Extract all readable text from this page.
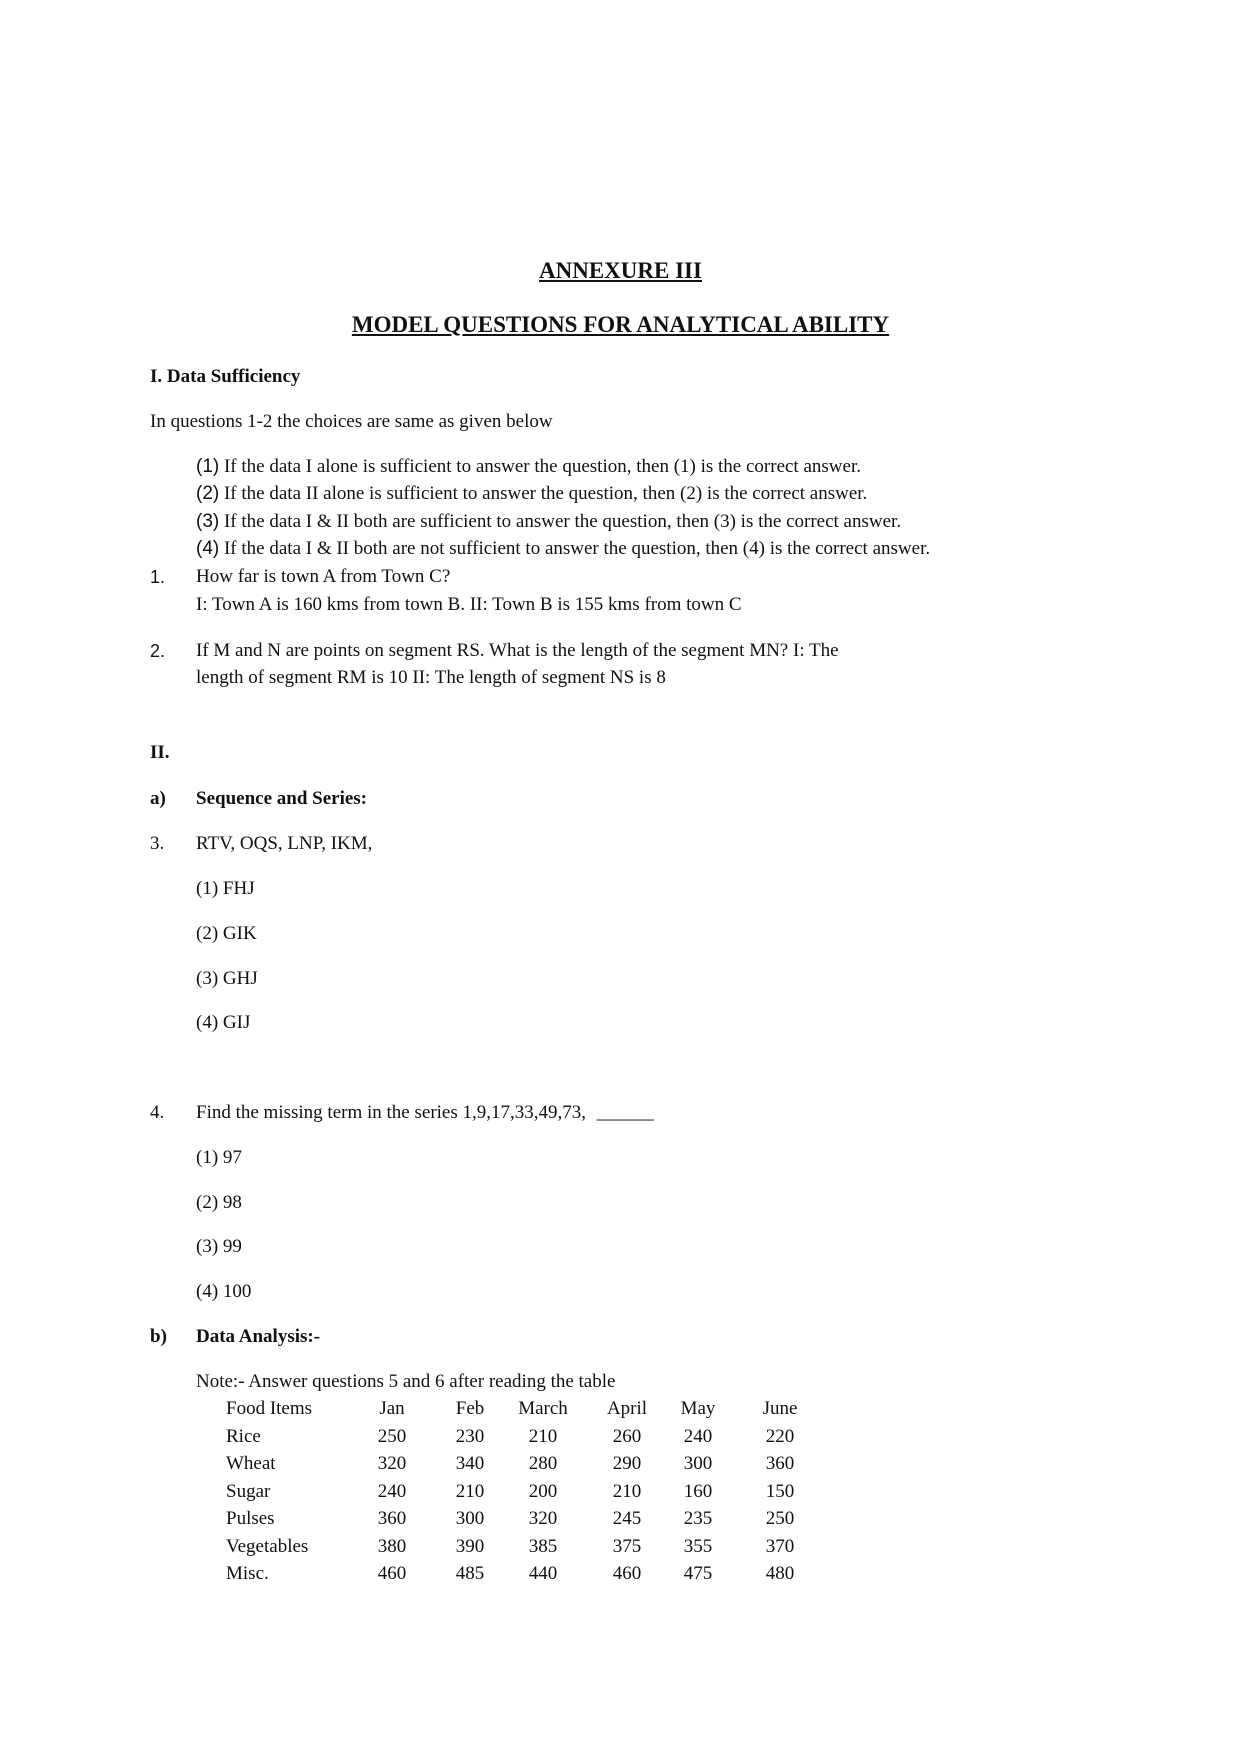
ANNEXURE III
MODEL QUESTIONS FOR ANALYTICAL ABILITY
I. Data Sufficiency
In questions 1-2 the choices are same as given below
(1) If the data I alone is sufficient to answer the question, then (1) is the correct answer.
(2) If the data II alone is sufficient to answer the question, then (2) is the correct answer.
(3) If the data I & II both are sufficient to answer the question, then (3) is the correct answer.
(4) If the data I & II both are not sufficient to answer the question, then (4) is the correct answer.
1. How far is town A from Town C?
I: Town A is 160 kms from town B. II: Town B is 155 kms from town C
2. If M and N are points on segment RS. What is the length of the segment MN? I: The
length of segment RM is 10 II: The length of segment NS is 8
II.
a) Sequence and Series:
3. RTV, OQS, LNP, IKM,
(1) FHJ
(2) GIK
(3) GHJ
(4) GIJ
4. Find the missing term in the series 1,9,17,33,49,73, ______
(1) 97
(2) 98
(3) 99
(4) 100
b) Data Analysis:-
Note:- Answer questions 5 and 6 after reading the table
Food Items	Jan	Feb	March	April	May	June
Rice	250	230	210	260	240	220
Wheat	320	340	280	290	300	360
Sugar	240	210	200	210	160	150
Pulses	360	300	320	245	235	250
Vegetables	380	390	385	375	355	370
Misc.	460	485	440	460	475	480
